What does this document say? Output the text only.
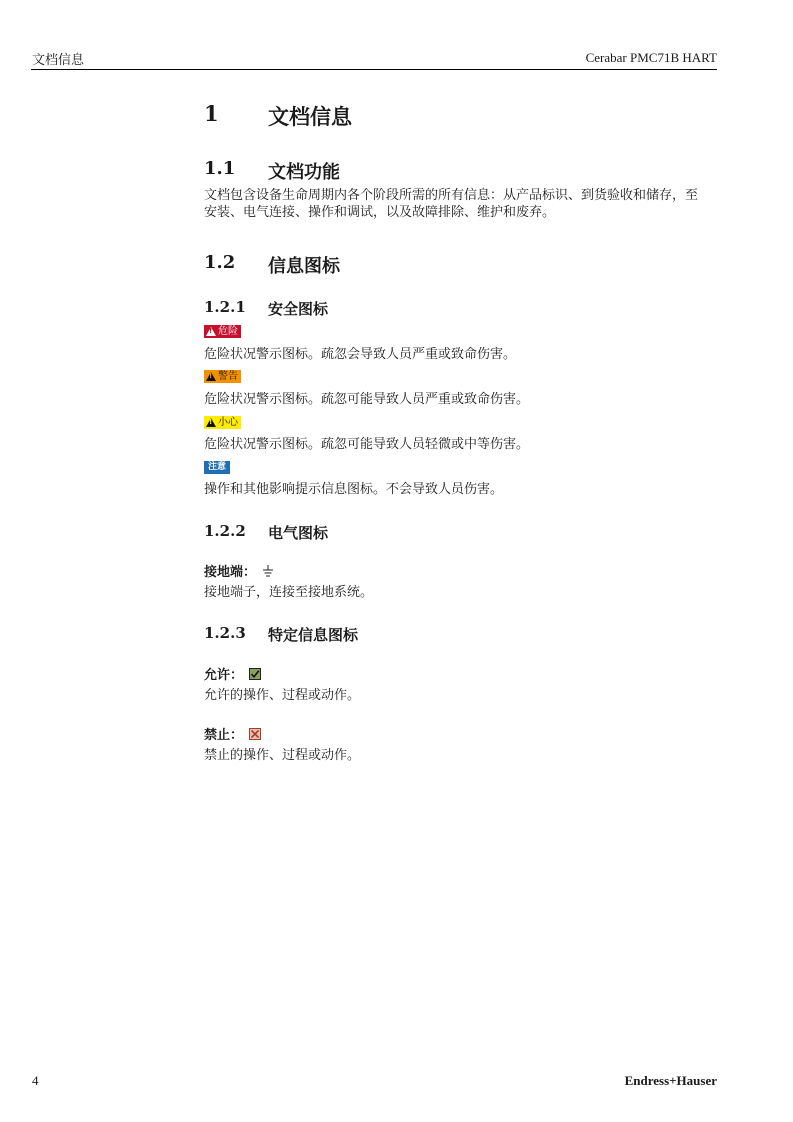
文档信息	Cerabar PMC71B HART
1 文档信息
1.1 文档功能
文档包含设备生命周期内各个阶段所需的所有信息：从产品标识、到货验收和储存，至
安装、电气连接、操作和调试，以及故障排除、维护和废弃。
1.2 信息图标
1.2.1 安全图标
!
危险
危险状况警示图标。疏忽会导致人员严重或致命伤害。
!
警告
危险状况警示图标。疏忽可能导致人员严重或致命伤害。
!
小心
危险状况警示图标。疏忽可能导致人员轻微或中等伤害。
注意
操作和其他影响提示信息图标。不会导致人员伤害。
1.2.2 电气图标
接地端：
接地端子，连接至接地系统。
1.2.3 特定信息图标
允许：
允许的操作、过程或动作。
禁止：
禁止的操作、过程或动作。
4	Endress+Hauser
